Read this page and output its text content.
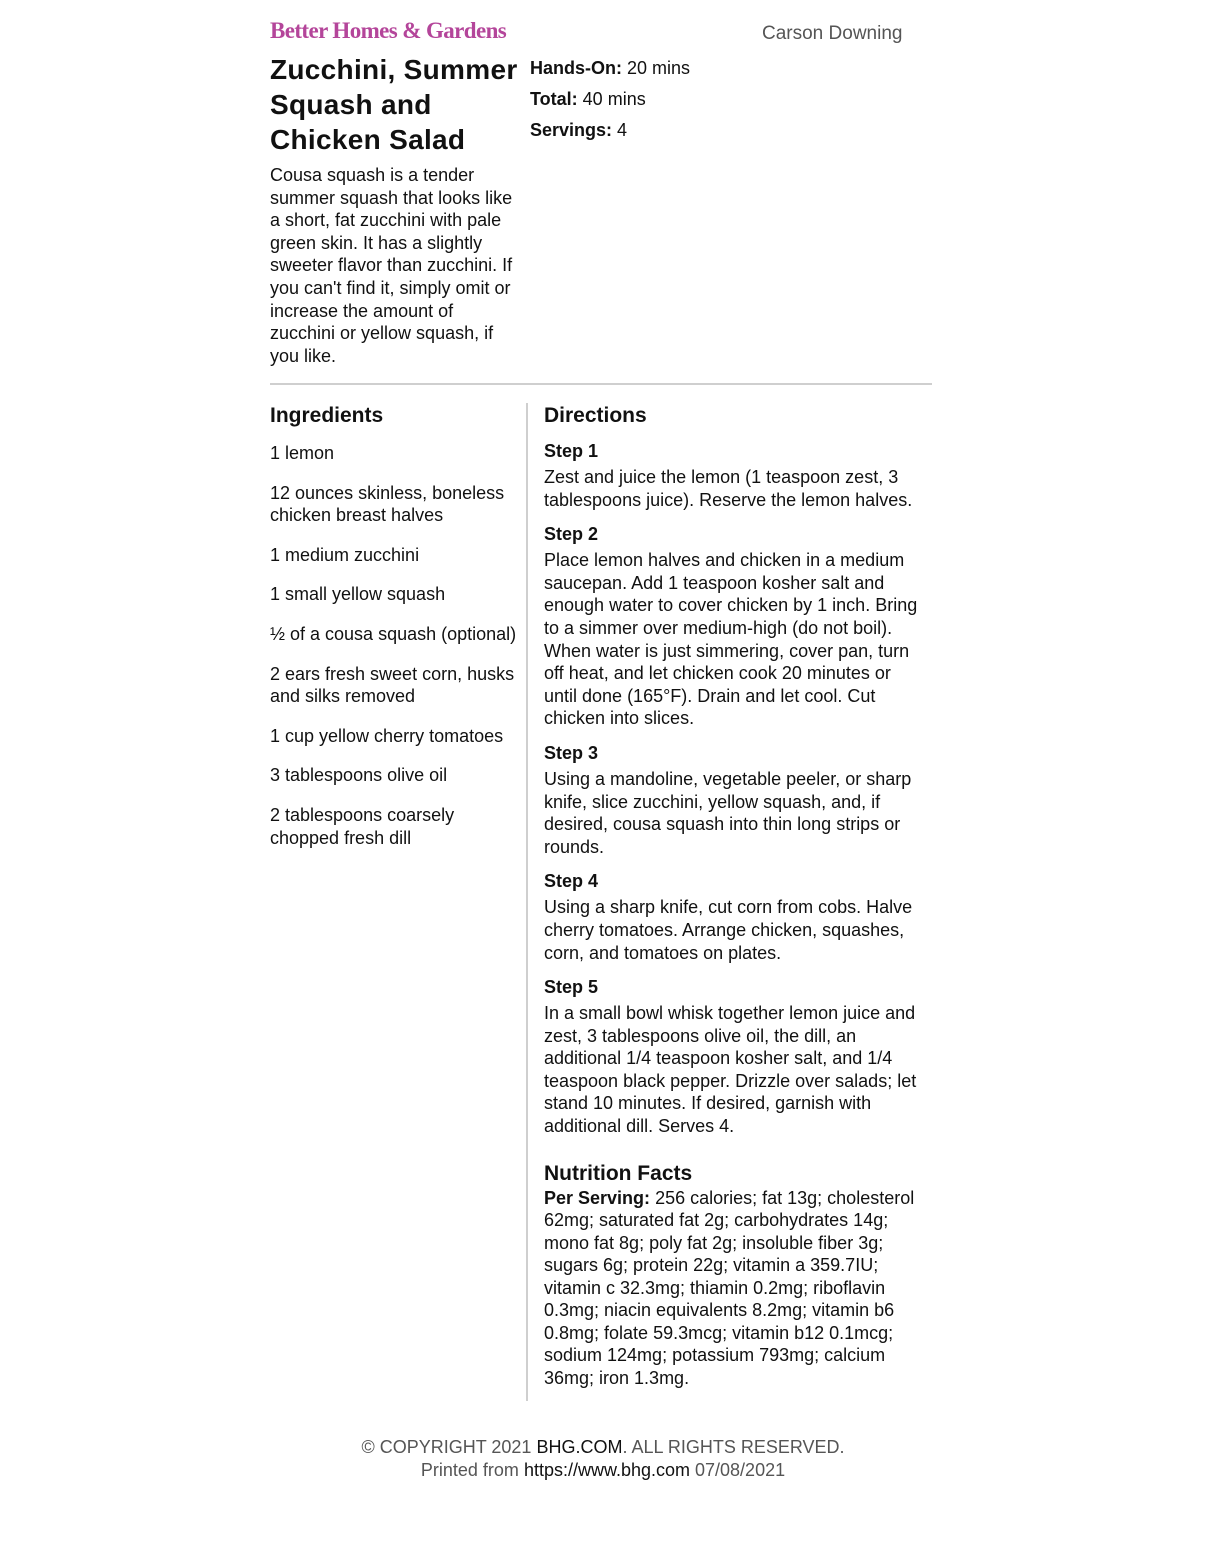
Better Homes & Gardens	Carson Downing
Zucchini, Summer Squash and Chicken Salad

Cousa squash is a tender summer squash that looks like a short, fat zucchini with pale green skin. It has a slightly sweeter flavor than zucchini. If you can't find it, simply omit or increase the amount of zucchini or yellow squash, if you like.

Hands-On: 20 mins
Total: 40 mins
Servings: 4
Ingredients
1 lemon
12 ounces skinless, boneless chicken breast halves
1 medium zucchini
1 small yellow squash
½ of a cousa squash (optional)
2 ears fresh sweet corn, husks and silks removed
1 cup yellow cherry tomatoes
3 tablespoons olive oil
2 tablespoons coarsely chopped fresh dill
Directions
Step 1

Zest and juice the lemon (1 teaspoon zest, 3 tablespoons juice). Reserve the lemon halves.

Step 2

Place lemon halves and chicken in a medium saucepan. Add 1 teaspoon kosher salt and enough water to cover chicken by 1 inch. Bring to a simmer over medium-high (do not boil). When water is just simmering, cover pan, turn off heat, and let chicken cook 20 minutes or until done (165°F). Drain and let cool. Cut chicken into slices.

Step 3

Using a mandoline, vegetable peeler, or sharp knife, slice zucchini, yellow squash, and, if desired, cousa squash into thin long strips or rounds.

Step 4

Using a sharp knife, cut corn from cobs. Halve cherry tomatoes. Arrange chicken, squashes, corn, and tomatoes on plates.

Step 5

In a small bowl whisk together lemon juice and zest, 3 tablespoons olive oil, the dill, an additional 1/4 teaspoon kosher salt, and 1/4 teaspoon black pepper. Drizzle over salads; let stand 10 minutes. If desired, garnish with additional dill. Serves 4.

Nutrition Facts

Per Serving: 256 calories; fat 13g; cholesterol 62mg; saturated fat 2g; carbohydrates 14g; mono fat 8g; poly fat 2g; insoluble fiber 3g; sugars 6g; protein 22g; vitamin a 359.7IU; vitamin c 32.3mg; thiamin 0.2mg; riboflavin 0.3mg; niacin equivalents 8.2mg; vitamin b6 0.8mg; folate 59.3mcg; vitamin b12 0.1mcg; sodium 124mg; potassium 793mg; calcium 36mg; iron 1.3mg.

© COPYRIGHT 2021 BHG.COM. ALL RIGHTS RESERVED.
Printed from https://www.bhg.com 07/08/2021
